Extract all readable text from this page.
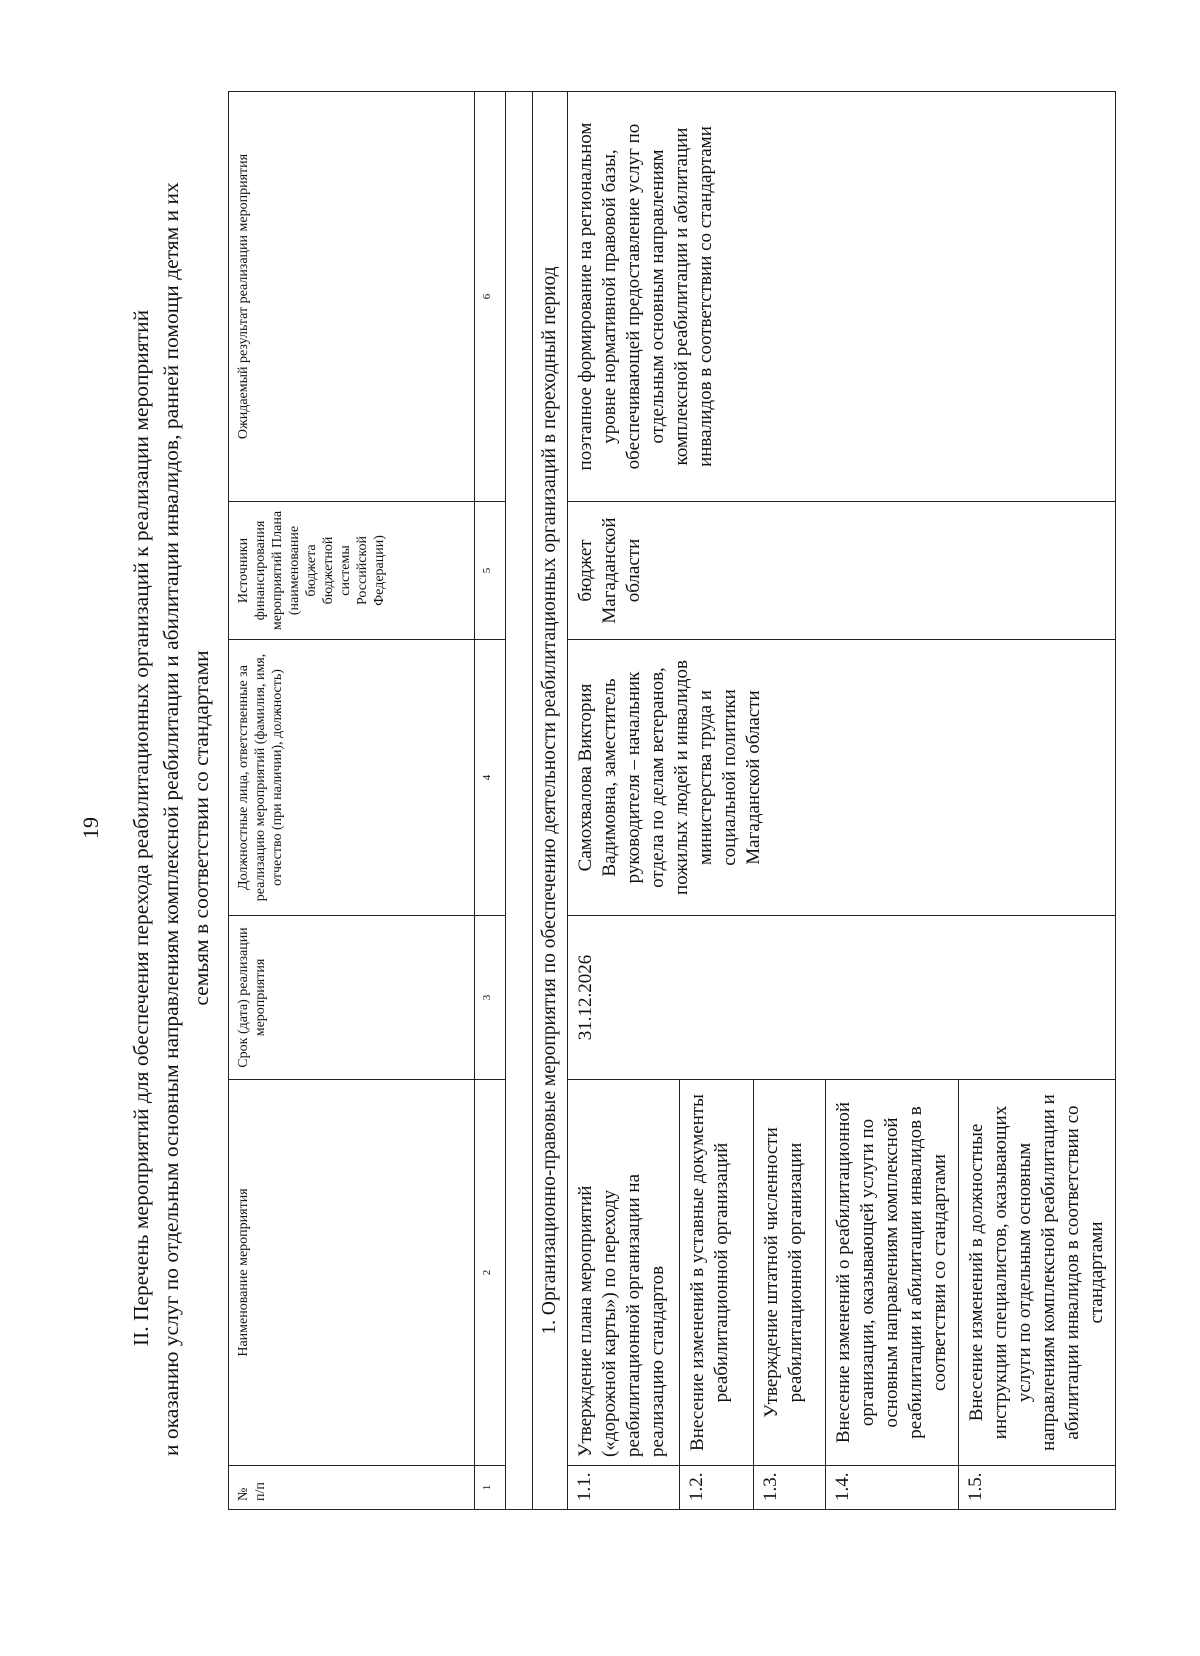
19 II. Перечень мероприятий для обеспечения перехода реабилитационных организаций к реализации мероприятий и оказанию услуг по отдельным основным направлениям комплексной реабилитации и абилитации инвалидов, ранней помощи детям и их семьям в соответствии со стандартами
№ п/п	Наименование мероприятия	Срок (дата) реализации мероприятия	Должностные лица, ответственные за реализацию мероприятий (фамилия, имя, отчество (при наличии), должность)	Источники финансирования мероприятий Плана (наименование бюджета бюджетной системы Российской Федерации)	Ожидаемый результат реализации мероприятия
1	2	3	4	5	6

1. Организационно-правовые мероприятия по обеспечению деятельности реабилитационных организаций в переходный период					
1.1.	Утверждение плана мероприятий («дорожной карты») по переходу реабилитационной организации на реализацию стандартов	31.12.2026	Самохвалова Виктория Вадимовна, заместитель руководителя – начальник отдела по делам ветеранов, пожилых людей и инвалидов министерства труда и социальной политики Магаданской области	бюджет Магаданской области	поэтапное формирование на региональном уровне нормативной правовой базы, обеспечивающей предоставление услуг по отдельным основным направлениям комплексной реабилитации и абилитации инвалидов в соответствии со стандартами
1.2.	Внесение изменений в уставные документы реабилитационной организаций				
1.3.	Утверждение штатной численности реабилитационной организации				
1.4.	Внесение изменений о реабилитационной организации, оказывающей услуги по основным направлениям комплексной реабилитации и абилитации инвалидов в соответствии со стандартами				
1.5.	Внесение изменений в должностные инструкции специалистов, оказывающих услуги по отдельным основным направлениям комплексной реабилитации и абилитации инвалидов в соответствии со стандартами				
